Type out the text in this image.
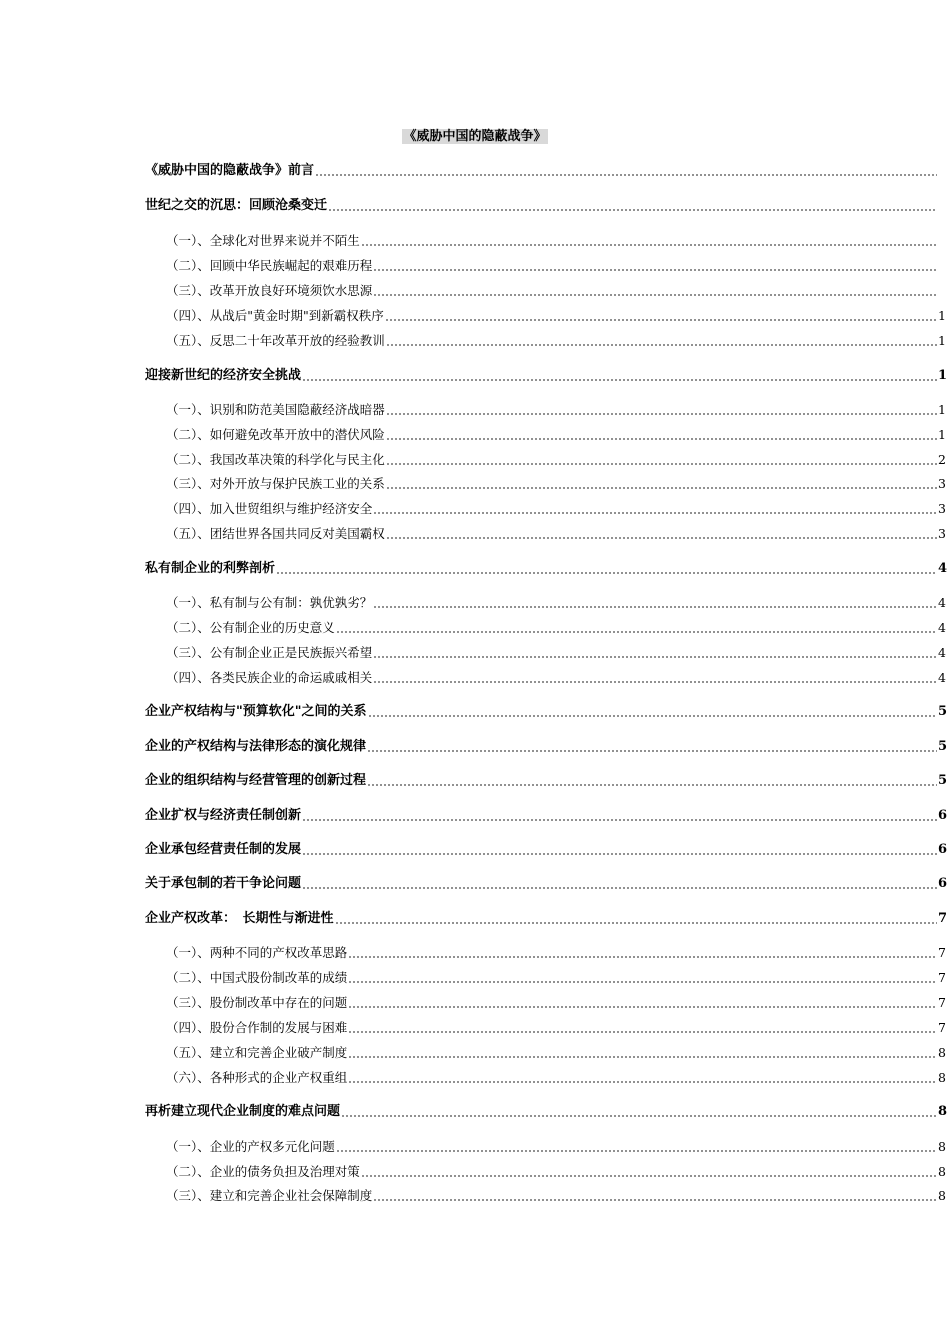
《威胁中国的隐蔽战争》
《威胁中国的隐蔽战争》前言
世纪之交的沉思：回顾沧桑变迁
（一）、全球化对世界来说并不陌生
（二）、回顾中华民族崛起的艰难历程
（三）、改革开放良好环境须饮水思源
（四）、从战后"黄金时期"到新霸权秩序	1
（五）、反思二十年改革开放的经验教训	1
迎接新世纪的经济安全挑战	1
（一）、识别和防范美国隐蔽经济战暗器	1
（二）、如何避免改革开放中的潜伏风险	1
（二）、我国改革决策的科学化与民主化	2
（三）、对外开放与保护民族工业的关系	3
（四）、加入世贸组织与维护经济安全	3
（五）、团结世界各国共同反对美国霸权	3
私有制企业的利弊剖析	4
（一）、私有制与公有制：孰优孰劣？	4
（二）、公有制企业的历史意义	4
（三）、公有制企业正是民族振兴希望	4
（四）、各类民族企业的命运戚戚相关	4
企业产权结构与"预算软化"之间的关系	5
企业的产权结构与法律形态的演化规律	5
企业的组织结构与经营管理的创新过程	5
企业扩权与经济责任制创新	6
企业承包经营责任制的发展	6
关于承包制的若干争论问题	6
企业产权改革：　长期性与渐进性	7
（一）、两种不同的产权改革思路	7
（二）、中国式股份制改革的成绩	7
（三）、股份制改革中存在的问题	7
（四）、股份合作制的发展与困难	7
（五）、建立和完善企业破产制度	8
（六）、各种形式的企业产权重组	8
再析建立现代企业制度的难点问题	8
（一）、企业的产权多元化问题	8
（二）、企业的债务负担及治理对策	8
（三）、建立和完善企业社会保障制度	8
